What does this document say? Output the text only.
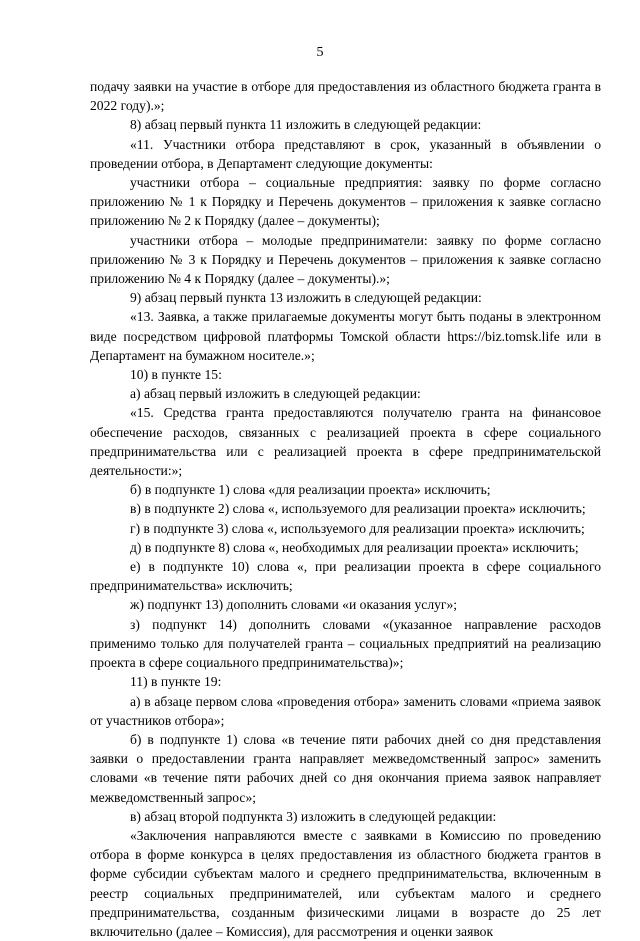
5

подачу заявки на участие в отборе для предоставления из областного бюджета гранта в 2022 году).»;

8) абзац первый пункта 11 изложить в следующей редакции:

«11. Участники отбора представляют в срок, указанный в объявлении о проведении отбора, в Департамент следующие документы:

участники отбора – социальные предприятия: заявку по форме согласно приложению № 1 к Порядку и Перечень документов – приложения к заявке согласно приложению № 2 к Порядку (далее – документы);

участники отбора – молодые предприниматели: заявку по форме согласно приложению № 3 к Порядку и Перечень документов – приложения к заявке согласно приложению № 4 к Порядку (далее – документы).»;

9) абзац первый пункта 13 изложить в следующей редакции:

«13. Заявка, а также прилагаемые документы могут быть поданы в электронном виде посредством цифровой платформы Томской области https://biz.tomsk.life или в Департамент на бумажном носителе.»;

10) в пункте 15:

а) абзац первый изложить в следующей редакции:

«15. Средства гранта предоставляются получателю гранта на финансовое обеспечение расходов, связанных с реализацией проекта в сфере социального предпринимательства или с реализацией проекта в сфере предпринимательской деятельности:»;

б) в подпункте 1) слова «для реализации проекта» исключить;

в) в подпункте 2) слова «, используемого для реализации проекта» исключить;

г) в подпункте 3) слова «, используемого для реализации проекта» исключить;

д) в подпункте 8) слова «, необходимых для реализации проекта» исключить;

е) в подпункте 10) слова «, при реализации проекта в сфере социального предпринимательства» исключить;

ж) подпункт 13) дополнить словами «и оказания услуг»;

з) подпункт 14) дополнить словами «(указанное направление расходов применимо только для получателей гранта – социальных предприятий на реализацию проекта в сфере социального предпринимательства)»;

11) в пункте 19:

а) в абзаце первом слова «проведения отбора» заменить словами «приема заявок от участников отбора»;

б) в подпункте 1) слова «в течение пяти рабочих дней со дня представления заявки о предоставлении гранта направляет межведомственный запрос» заменить словами «в течение пяти рабочих дней со дня окончания приема заявок направляет межведомственный запрос»;

в) абзац второй подпункта 3) изложить в следующей редакции:

«Заключения направляются вместе с заявками в Комиссию по проведению отбора в форме конкурса в целях предоставления из областного бюджета грантов в форме субсидии субъектам малого и среднего предпринимательства, включенным в реестр социальных предпринимателей, или субъектам малого и среднего предпринимательства, созданным физическими лицами в возрасте до 25 лет включительно (далее – Комиссия), для рассмотрения и оценки заявок
